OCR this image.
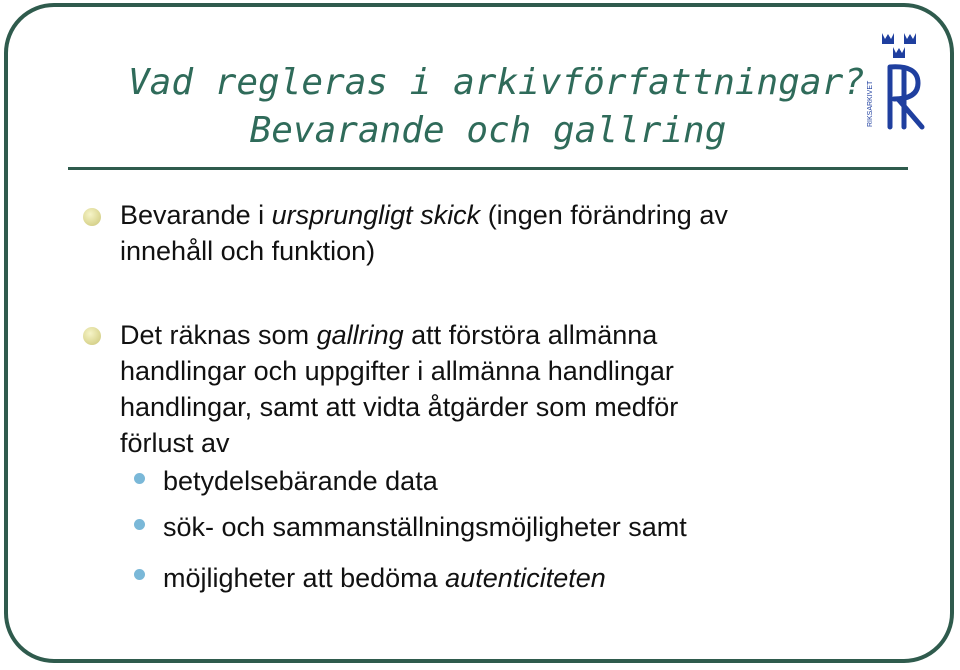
Vad regleras i arkivförfattningar?
Bevarande och gallring
RIKSARKIVET

Bevarande i ursprungligt skick (ingen förändring av
innehåll och funktion)

Det räknas som gallring att förstöra allmänna
handlingar och uppgifter i allmänna handlingar
handlingar, samt att vidta åtgärder som medför
förlust av

betydelsebärande data

sök- och sammanställningsmöjligheter samt

möjligheter att bedöma autenticiteten
